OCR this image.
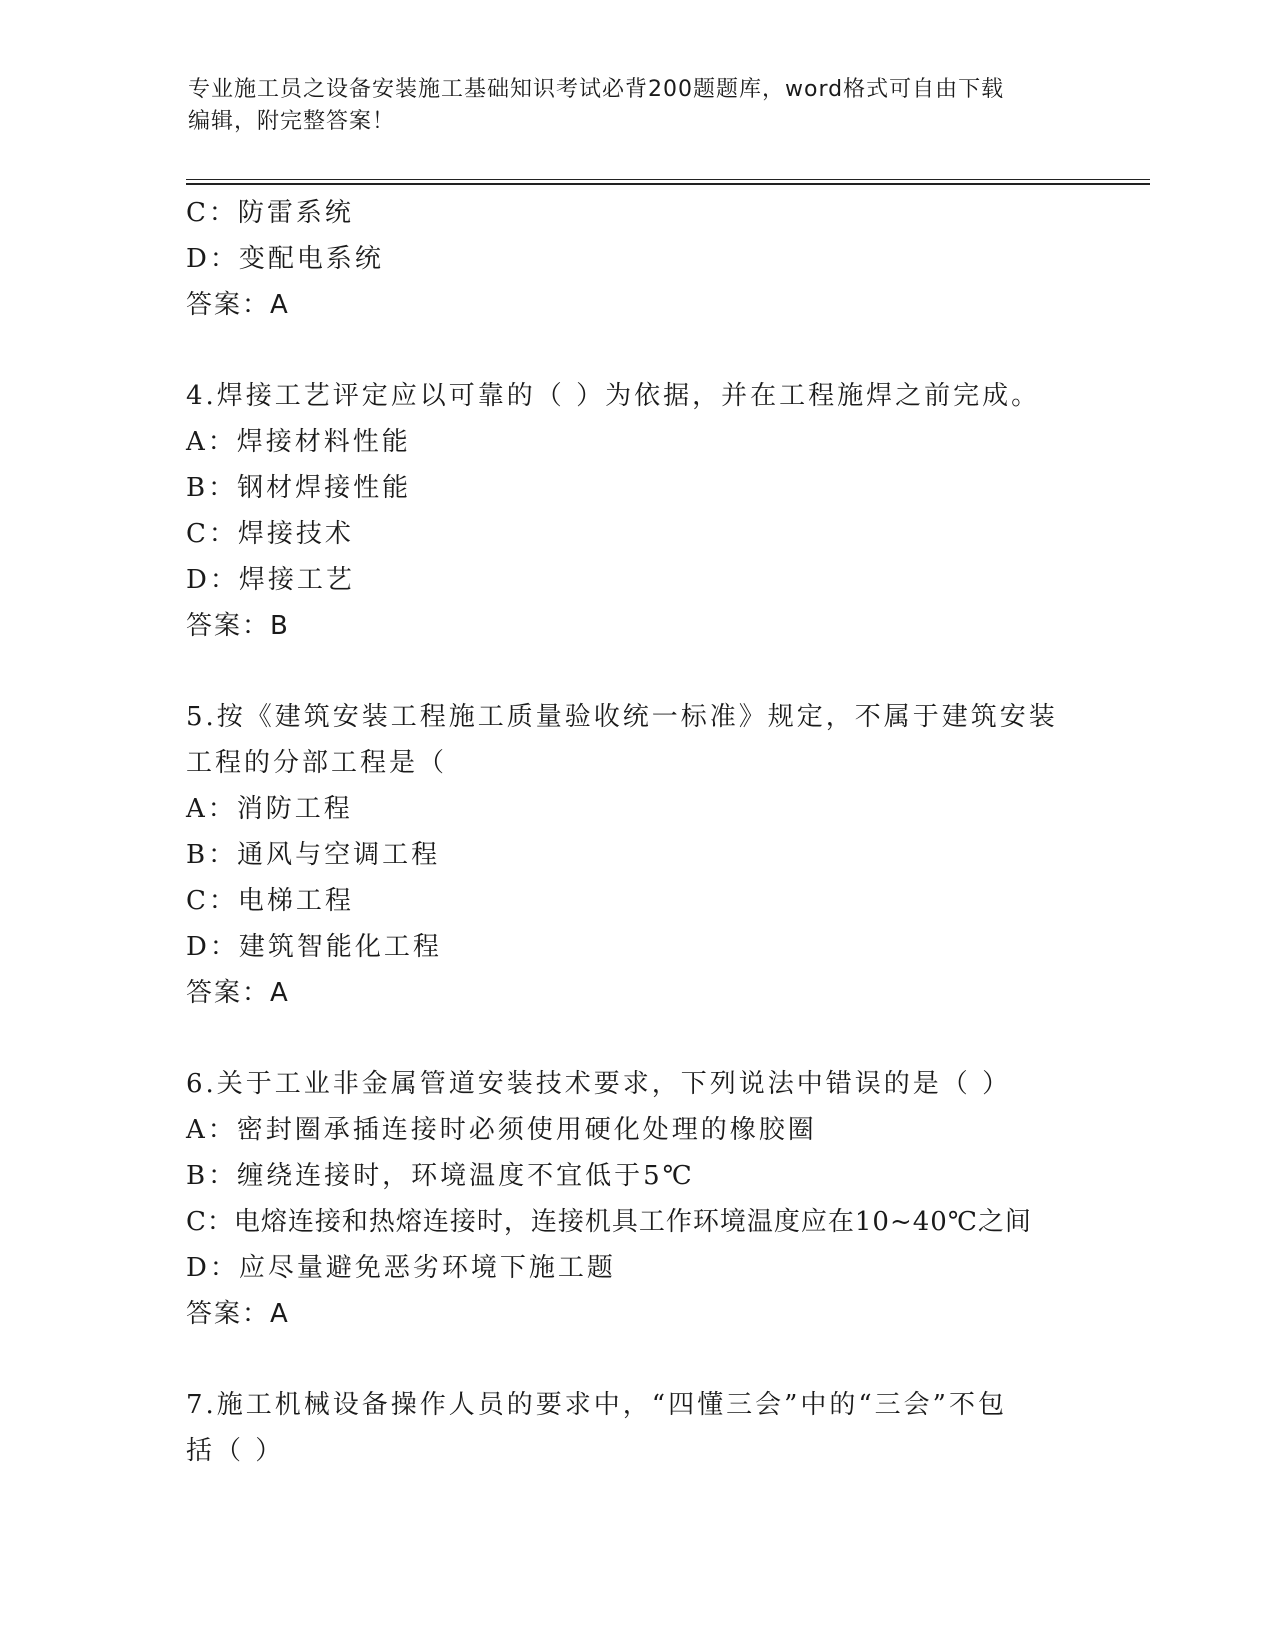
专业施工员之设备安装施工基础知识考试必背200题题库，word格式可自由下载
编辑，附完整答案！
C：防雷系统
D：变配电系统
答案：A
4.焊接工艺评定应以可靠的（ ）为依据，并在工程施焊之前完成。
A：焊接材料性能
B：钢材焊接性能
C：焊接技术
D：焊接工艺
答案：B
5.按《建筑安装工程施工质量验收统一标准》规定，不属于建筑安装
工程的分部工程是（
A：消防工程
B：通风与空调工程
C：电梯工程
D：建筑智能化工程
答案：A
6.关于工业非金属管道安装技术要求，下列说法中错误的是（ ）
A：密封圈承插连接时必须使用硬化处理的橡胶圈
B：缠绕连接时，环境温度不宜低于5℃
C：电熔连接和热熔连接时，连接机具工作环境温度应在10~40℃之间
D：应尽量避免恶劣环境下施工题
答案：A
7.施工机械设备操作人员的要求中，“四懂三会”中的“三会”不包
括（ ）
